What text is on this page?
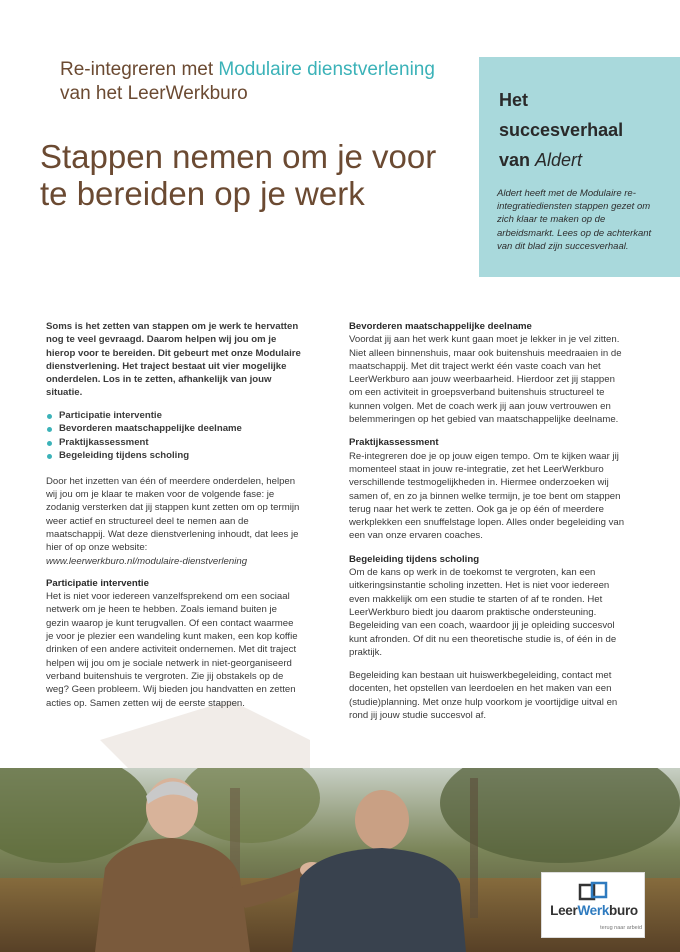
Re-integreren met Modulaire dienstverlening
van het LeerWerkburo
Stappen nemen om je voor te bereiden op je werk
Het
succesverhaal
van Aldert

Aldert heeft met de Modulaire re-integratiediensten stappen gezet om zich klaar te maken op de arbeidsmarkt. Lees op de achterkant van dit blad zijn succesverhaal.

Soms is het zetten van stappen om je werk te hervatten nog te veel gevraagd. Daarom helpen wij jou om je hierop voor te bereiden. Dit gebeurt met onze Modulaire dienstverlening. Het traject bestaat uit vier mogelijke onderdelen. Los in te zetten, afhankelijk van jouw situatie.

Participatie interventie
Bevorderen maatschappelijke deelname
Praktijkassessment
Begeleiding tijdens scholing

Door het inzetten van één of meerdere onderdelen, helpen wij jou om je klaar te maken voor de volgende fase: je zodanig versterken dat jij stappen kunt zetten om op termijn weer actief en structureel deel te nemen aan de maatschappij. Wat deze dienstverlening inhoudt, dat lees je hier of op onze website:
www.leerwerkburo.nl/modulaire-dienstverlening

Participatie interventie
Het is niet voor iedereen vanzelfsprekend om een sociaal netwerk om je heen te hebben. Zoals iemand buiten je gezin waarop je kunt terugvallen. Of een contact waarmee je voor je plezier een wandeling kunt maken, een kop koffie drinken of een andere activiteit ondernemen. Met dit traject helpen wij jou om je sociale netwerk in niet-georganiseerd verband buitenshuis te vergroten. Zie jij obstakels op de weg? Geen probleem. Wij bieden jou handvatten en zetten acties op. Samen zetten wij de eerste stappen.
Bevorderen maatschappelijke deelname
Voordat jij aan het werk kunt gaan moet je lekker in je vel zitten. Niet alleen binnenshuis, maar ook buitenshuis meedraaien in de maatschappij. Met dit traject werkt één vaste coach van het LeerWerkburo aan jouw weerbaarheid. Hierdoor zet jij stappen om een activiteit in groepsverband buitenshuis structureel te kunnen volgen. Met de coach werk jij aan jouw vertrouwen en belemmeringen op het gebied van maatschappelijke deelname.
Praktijkassessment
Re-integreren doe je op jouw eigen tempo. Om te kijken waar jij momenteel staat in jouw re-integratie, zet het LeerWerkburo verschillende testmogelijkheden in. Hiermee onderzoeken wij samen of, en zo ja binnen welke termijn, je toe bent om stappen terug naar het werk te zetten. Ook ga je op één of meerdere werkplekken een snuffelstage lopen. Alles onder begeleiding van een van onze ervaren coaches.
Begeleiding tijdens scholing
Om de kans op werk in de toekomst te vergroten, kan een uitkeringsinstantie scholing inzetten. Het is niet voor iedereen even makkelijk om een studie te starten of af te ronden. Het LeerWerkburo biedt jou daarom praktische ondersteuning. Begeleiding van een coach, waardoor jij je opleiding succesvol kunt afronden. Of dit nu een theoretische studie is, of één in de praktijk.
Begeleiding kan bestaan uit huiswerkbegeleiding, contact met docenten, het opstellen van leerdoelen en het maken van een (studie)planning. Met onze hulp voorkom je voortijdige uitval en rond jij jouw studie succesvol af.
LeerWerkburo
terug naar arbeid
